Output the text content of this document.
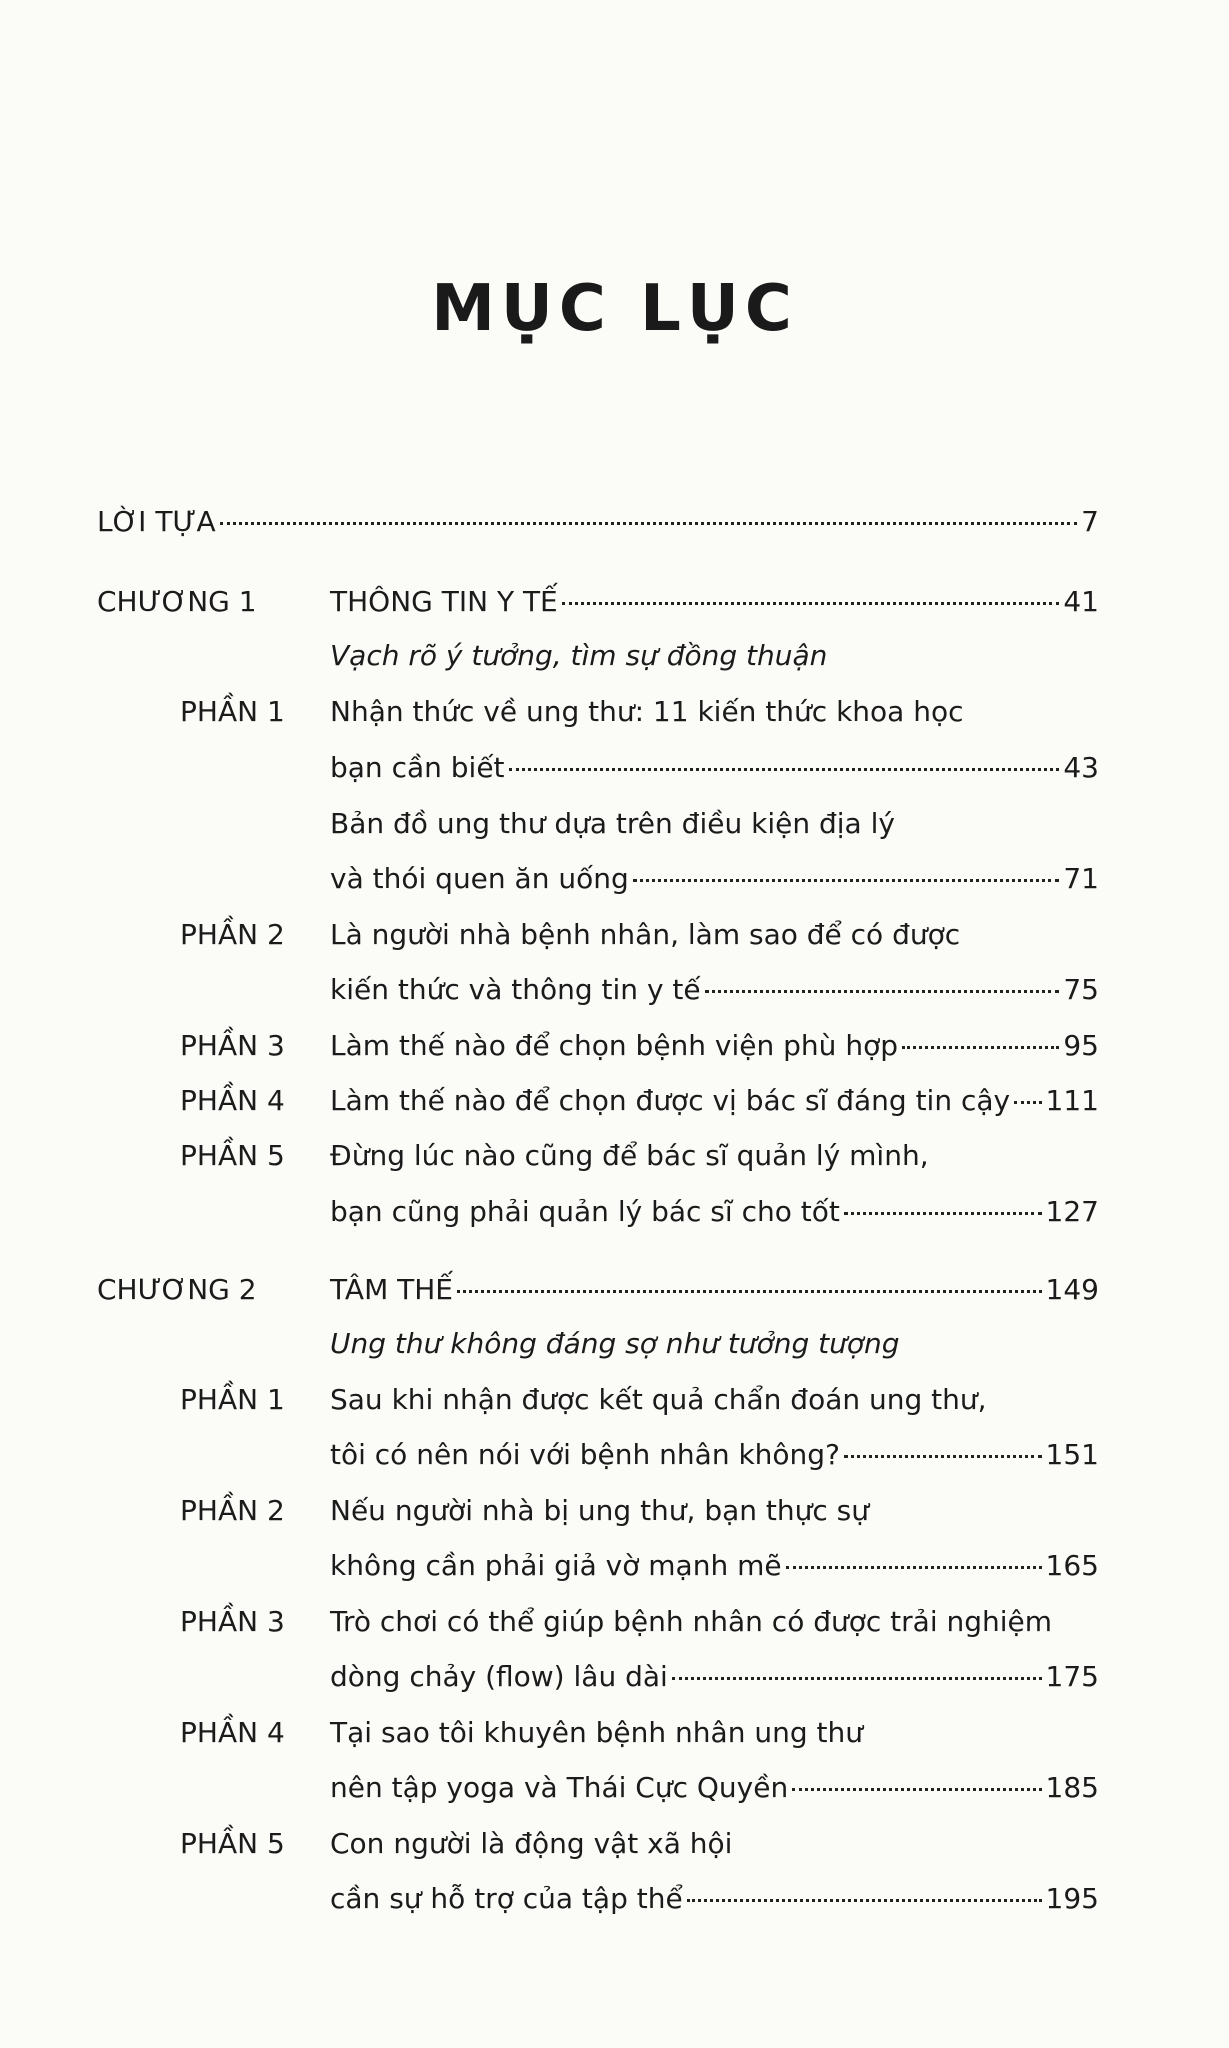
MỤC LỤC
LỜI TỰA	7
CHƯƠNG 1	THÔNG TIN Y TẾ	41
Vạch rõ ý tưởng, tìm sự đồng thuận
PHẦN 1 Nhận thức về ung thư: 11 kiến thức khoa học
bạn cần biết	43
Bản đồ ung thư dựa trên điều kiện địa lý
và thói quen ăn uống	71
PHẦN 2 Là người nhà bệnh nhân, làm sao để có được
kiến thức và thông tin y tế	75
PHẦN 3 Làm thế nào để chọn bệnh viện phù hợp	95
PHẦN 4 Làm thế nào để chọn được vị bác sĩ đáng tin cậy 111
PHẦN 5 Đừng lúc nào cũng để bác sĩ quản lý mình,
bạn cũng phải quản lý bác sĩ cho tốt	127
CHƯƠNG 2	TÂM THẾ	149
Ung thư không đáng sợ như tưởng tượng
PHẦN 1 Sau khi nhận được kết quả chẩn đoán ung thư,
tôi có nên nói với bệnh nhân không?	151
PHẦN 2 Nếu người nhà bị ung thư, bạn thực sự
không cần phải giả vờ mạnh mẽ	165
PHẦN 3 Trò chơi có thể giúp bệnh nhân có được trải nghiệm
dòng chảy (flow) lâu dài	175
PHẦN 4 Tại sao tôi khuyên bệnh nhân ung thư
nên tập yoga và Thái Cực Quyền	185
PHẦN 5 Con người là động vật xã hội
cần sự hỗ trợ của tập thể	195
